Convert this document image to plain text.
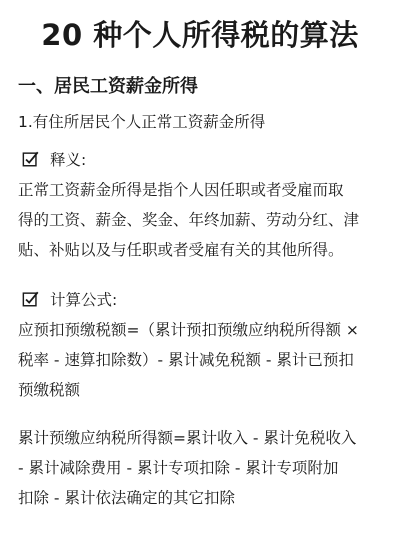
20 种个人所得税的算法
一、居民工资薪金所得
1.有住所居民个人正常工资薪金所得
释义:
正常工资薪金所得是指个人因任职或者受雇而取
得的工资、薪金、奖金、年终加薪、劳动分红、津
贴、补贴以及与任职或者受雇有关的其他所得。
计算公式:
应预扣预缴税额=（累计预扣预缴应纳税所得额 ×
税率 - 速算扣除数）- 累计减免税额 - 累计已预扣
预缴税额
累计预缴应纳税所得额=累计收入 - 累计免税收入
- 累计减除费用 - 累计专项扣除 - 累计专项附加
扣除 - 累计依法确定的其它扣除
